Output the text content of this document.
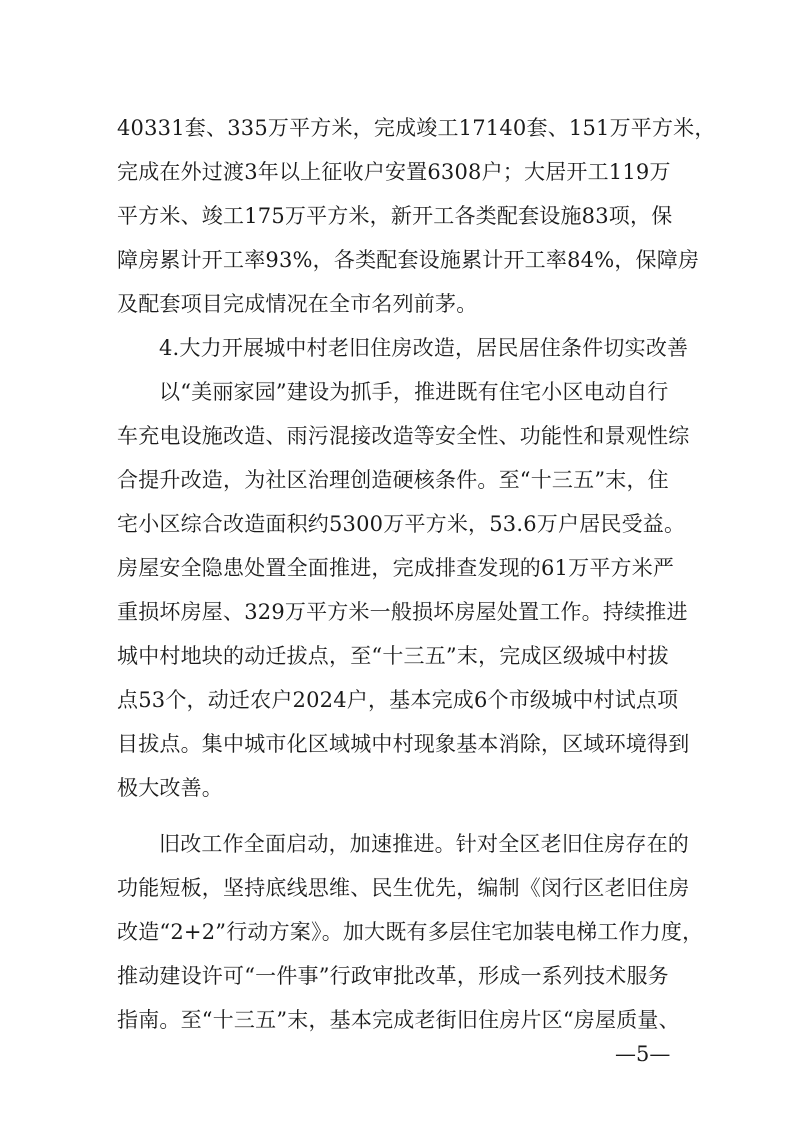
40331套、335万平方米，完成竣工17140套、151万平方米，
完成在外过渡3年以上征收户安置6308户；大居开工119万
平方米、竣工175万平方米，新开工各类配套设施83项，保
障房累计开工率93%，各类配套设施累计开工率84%，保障房
及配套项目完成情况在全市名列前茅。
4.大力开展城中村老旧住房改造，居民居住条件切实改善
以“美丽家园”建设为抓手，推进既有住宅小区电动自行
车充电设施改造、雨污混接改造等安全性、功能性和景观性综
合提升改造，为社区治理创造硬核条件。至“十三五”末，住
宅小区综合改造面积约5300万平方米，53.6万户居民受益。
房屋安全隐患处置全面推进，完成排查发现的61万平方米严
重损坏房屋、329万平方米一般损坏房屋处置工作。持续推进
城中村地块的动迁拔点，至“十三五”末，完成区级城中村拔
点53个，动迁农户2024户，基本完成6个市级城中村试点项
目拔点。集中城市化区域城中村现象基本消除，区域环境得到
极大改善。
旧改工作全面启动，加速推进。针对全区老旧住房存在的
功能短板，坚持底线思维、民生优先，编制《闵行区老旧住房
改造“2+2”行动方案》。加大既有多层住宅加装电梯工作力度，
推动建设许可“一件事”行政审批改革，形成一系列技术服务
指南。至“十三五”末，基本完成老街旧住房片区“房屋质量、
—5—
